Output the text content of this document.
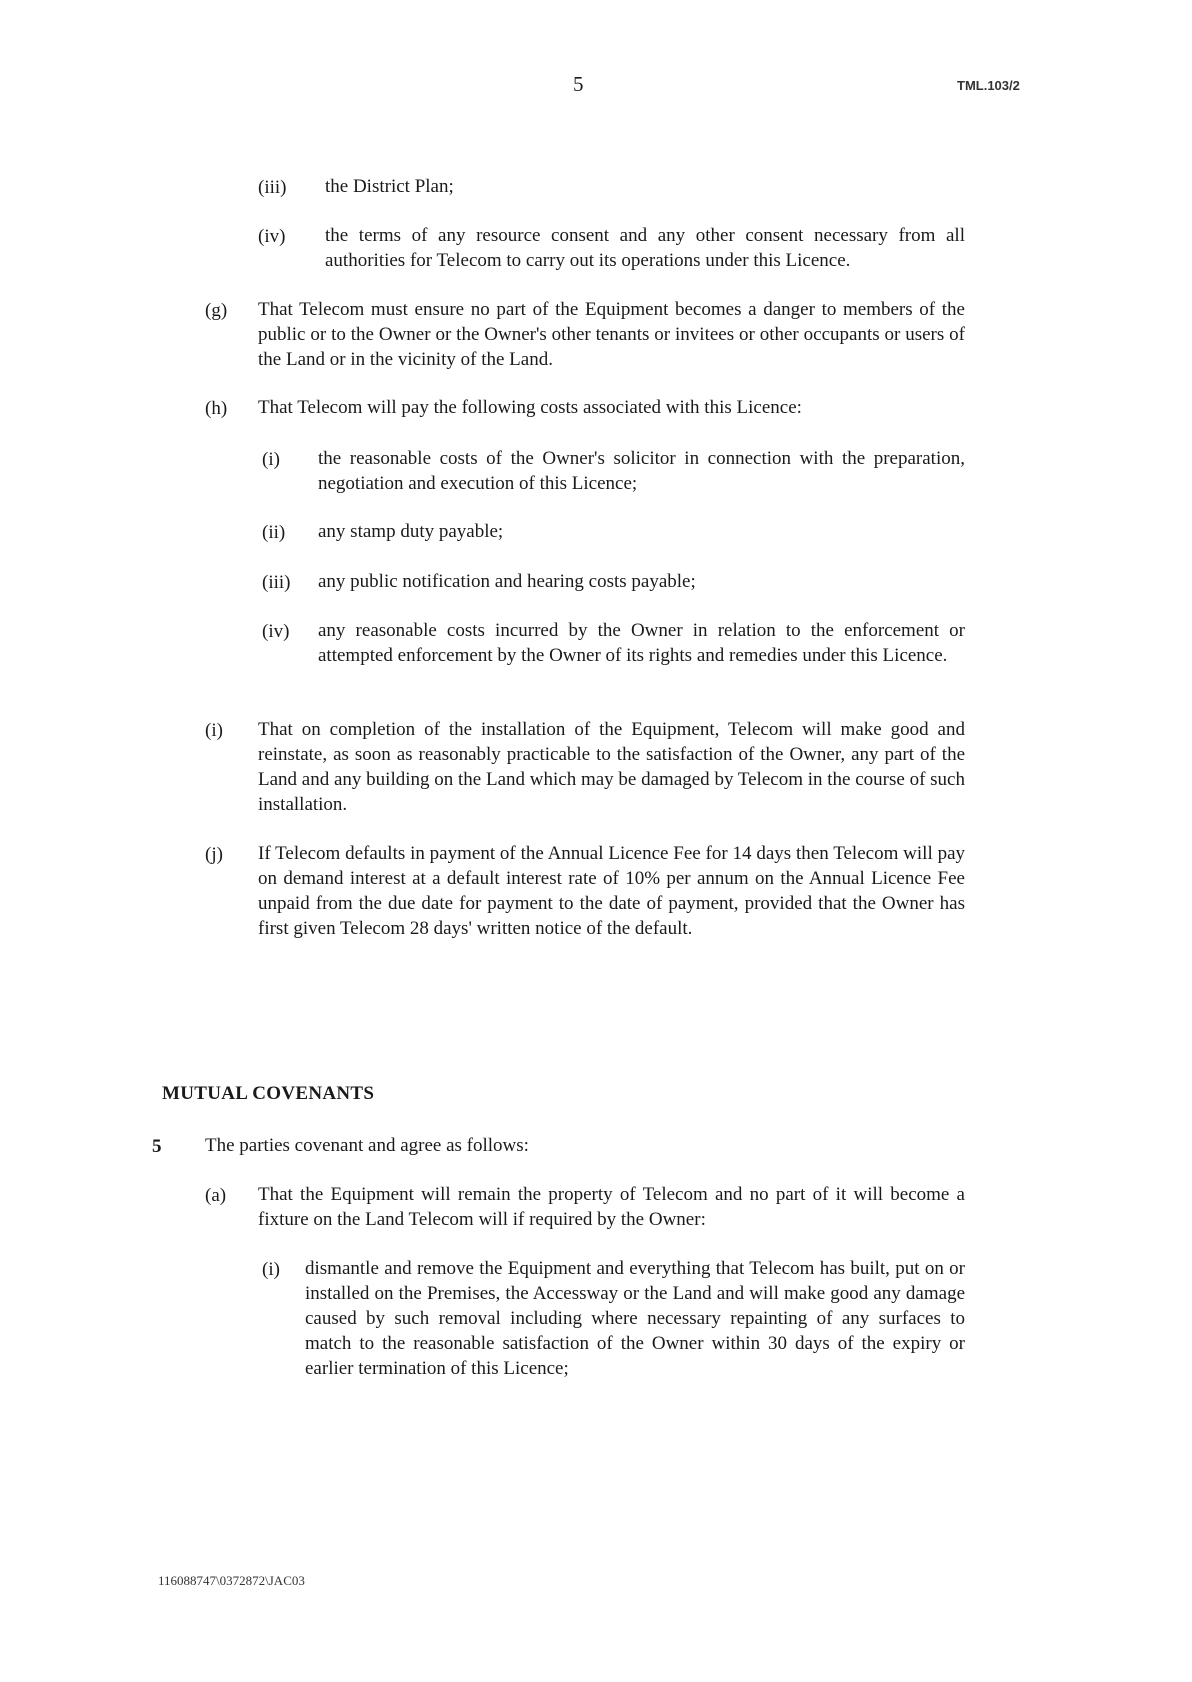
5	TML.103/2
(iii) the District Plan;
(iv) the terms of any resource consent and any other consent necessary from all authorities for Telecom to carry out its operations under this Licence.
(g) That Telecom must ensure no part of the Equipment becomes a danger to members of the public or to the Owner or the Owner's other tenants or invitees or other occupants or users of the Land or in the vicinity of the Land.
(h) That Telecom will pay the following costs associated with this Licence:
(i) the reasonable costs of the Owner's solicitor in connection with the preparation, negotiation and execution of this Licence;
(ii) any stamp duty payable;
(iii) any public notification and hearing costs payable;
(iv) any reasonable costs incurred by the Owner in relation to the enforcement or attempted enforcement by the Owner of its rights and remedies under this Licence.
(i) That on completion of the installation of the Equipment, Telecom will make good and reinstate, as soon as reasonably practicable to the satisfaction of the Owner, any part of the Land and any building on the Land which may be damaged by Telecom in the course of such installation.
(j) If Telecom defaults in payment of the Annual Licence Fee for 14 days then Telecom will pay on demand interest at a default interest rate of 10% per annum on the Annual Licence Fee unpaid from the due date for payment to the date of payment, provided that the Owner has first given Telecom 28 days' written notice of the default.
MUTUAL COVENANTS
5 The parties covenant and agree as follows:
(a) That the Equipment will remain the property of Telecom and no part of it will become a fixture on the Land Telecom will if required by the Owner:
(i) dismantle and remove the Equipment and everything that Telecom has built, put on or installed on the Premises, the Accessway or the Land and will make good any damage caused by such removal including where necessary repainting of any surfaces to match to the reasonable satisfaction of the Owner within 30 days of the expiry or earlier termination of this Licence;
116088747\0372872\JAC03
